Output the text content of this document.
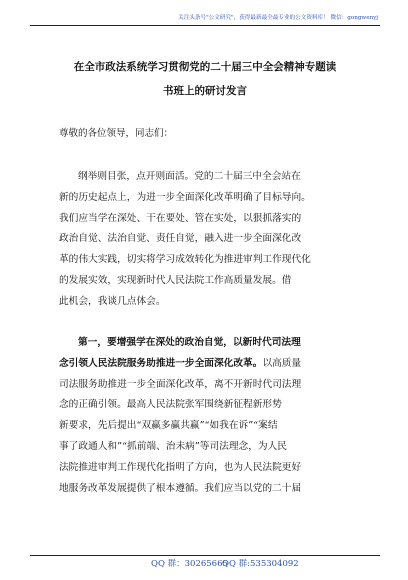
关注头条号"公文研究"，获得最新最全最专业的公文资料库！ 微信：gongwenyj
在全市政法系统学习贯彻党的二十届三中全会精神专题读
书班上的研讨发言
尊敬的各位领导，同志们：
纲举则目张，点开则面活。党的二十届三中全会站在
新的历史起点上，为进一步全面深化改革明确了目标导向。
我们应当学在深处、干在要处、管在实处，以狠抓落实的
政治自觉、法治自觉、责任自觉，融入进一步全面深化改
革的伟大实践，切实将学习成效转化为推进审判工作现代化
的发展实效，实现新时代人民法院工作高质量发展。借
此机会，我谈几点体会。
第一，要增强学在深处的政治自觉，以新时代司法理
念引领人民法院服务助推进一步全面深化改革。以高质量
司法服务助推进一步全面深化改革，离不开新时代司法理
念的正确引领。最高人民法院张军围绕新征程新形势
新要求，先后提出“双赢多赢共赢”“如我在诉”“案结
事了政通人和”“抓前端、治未病”等司法理念，为人民
法院推进审判工作现代化指明了方向，也为人民法院更好
地服务改革发展提供了根本遵循。我们应当以党的二十届
QQ 群：30265665
QQ 群:535304092
